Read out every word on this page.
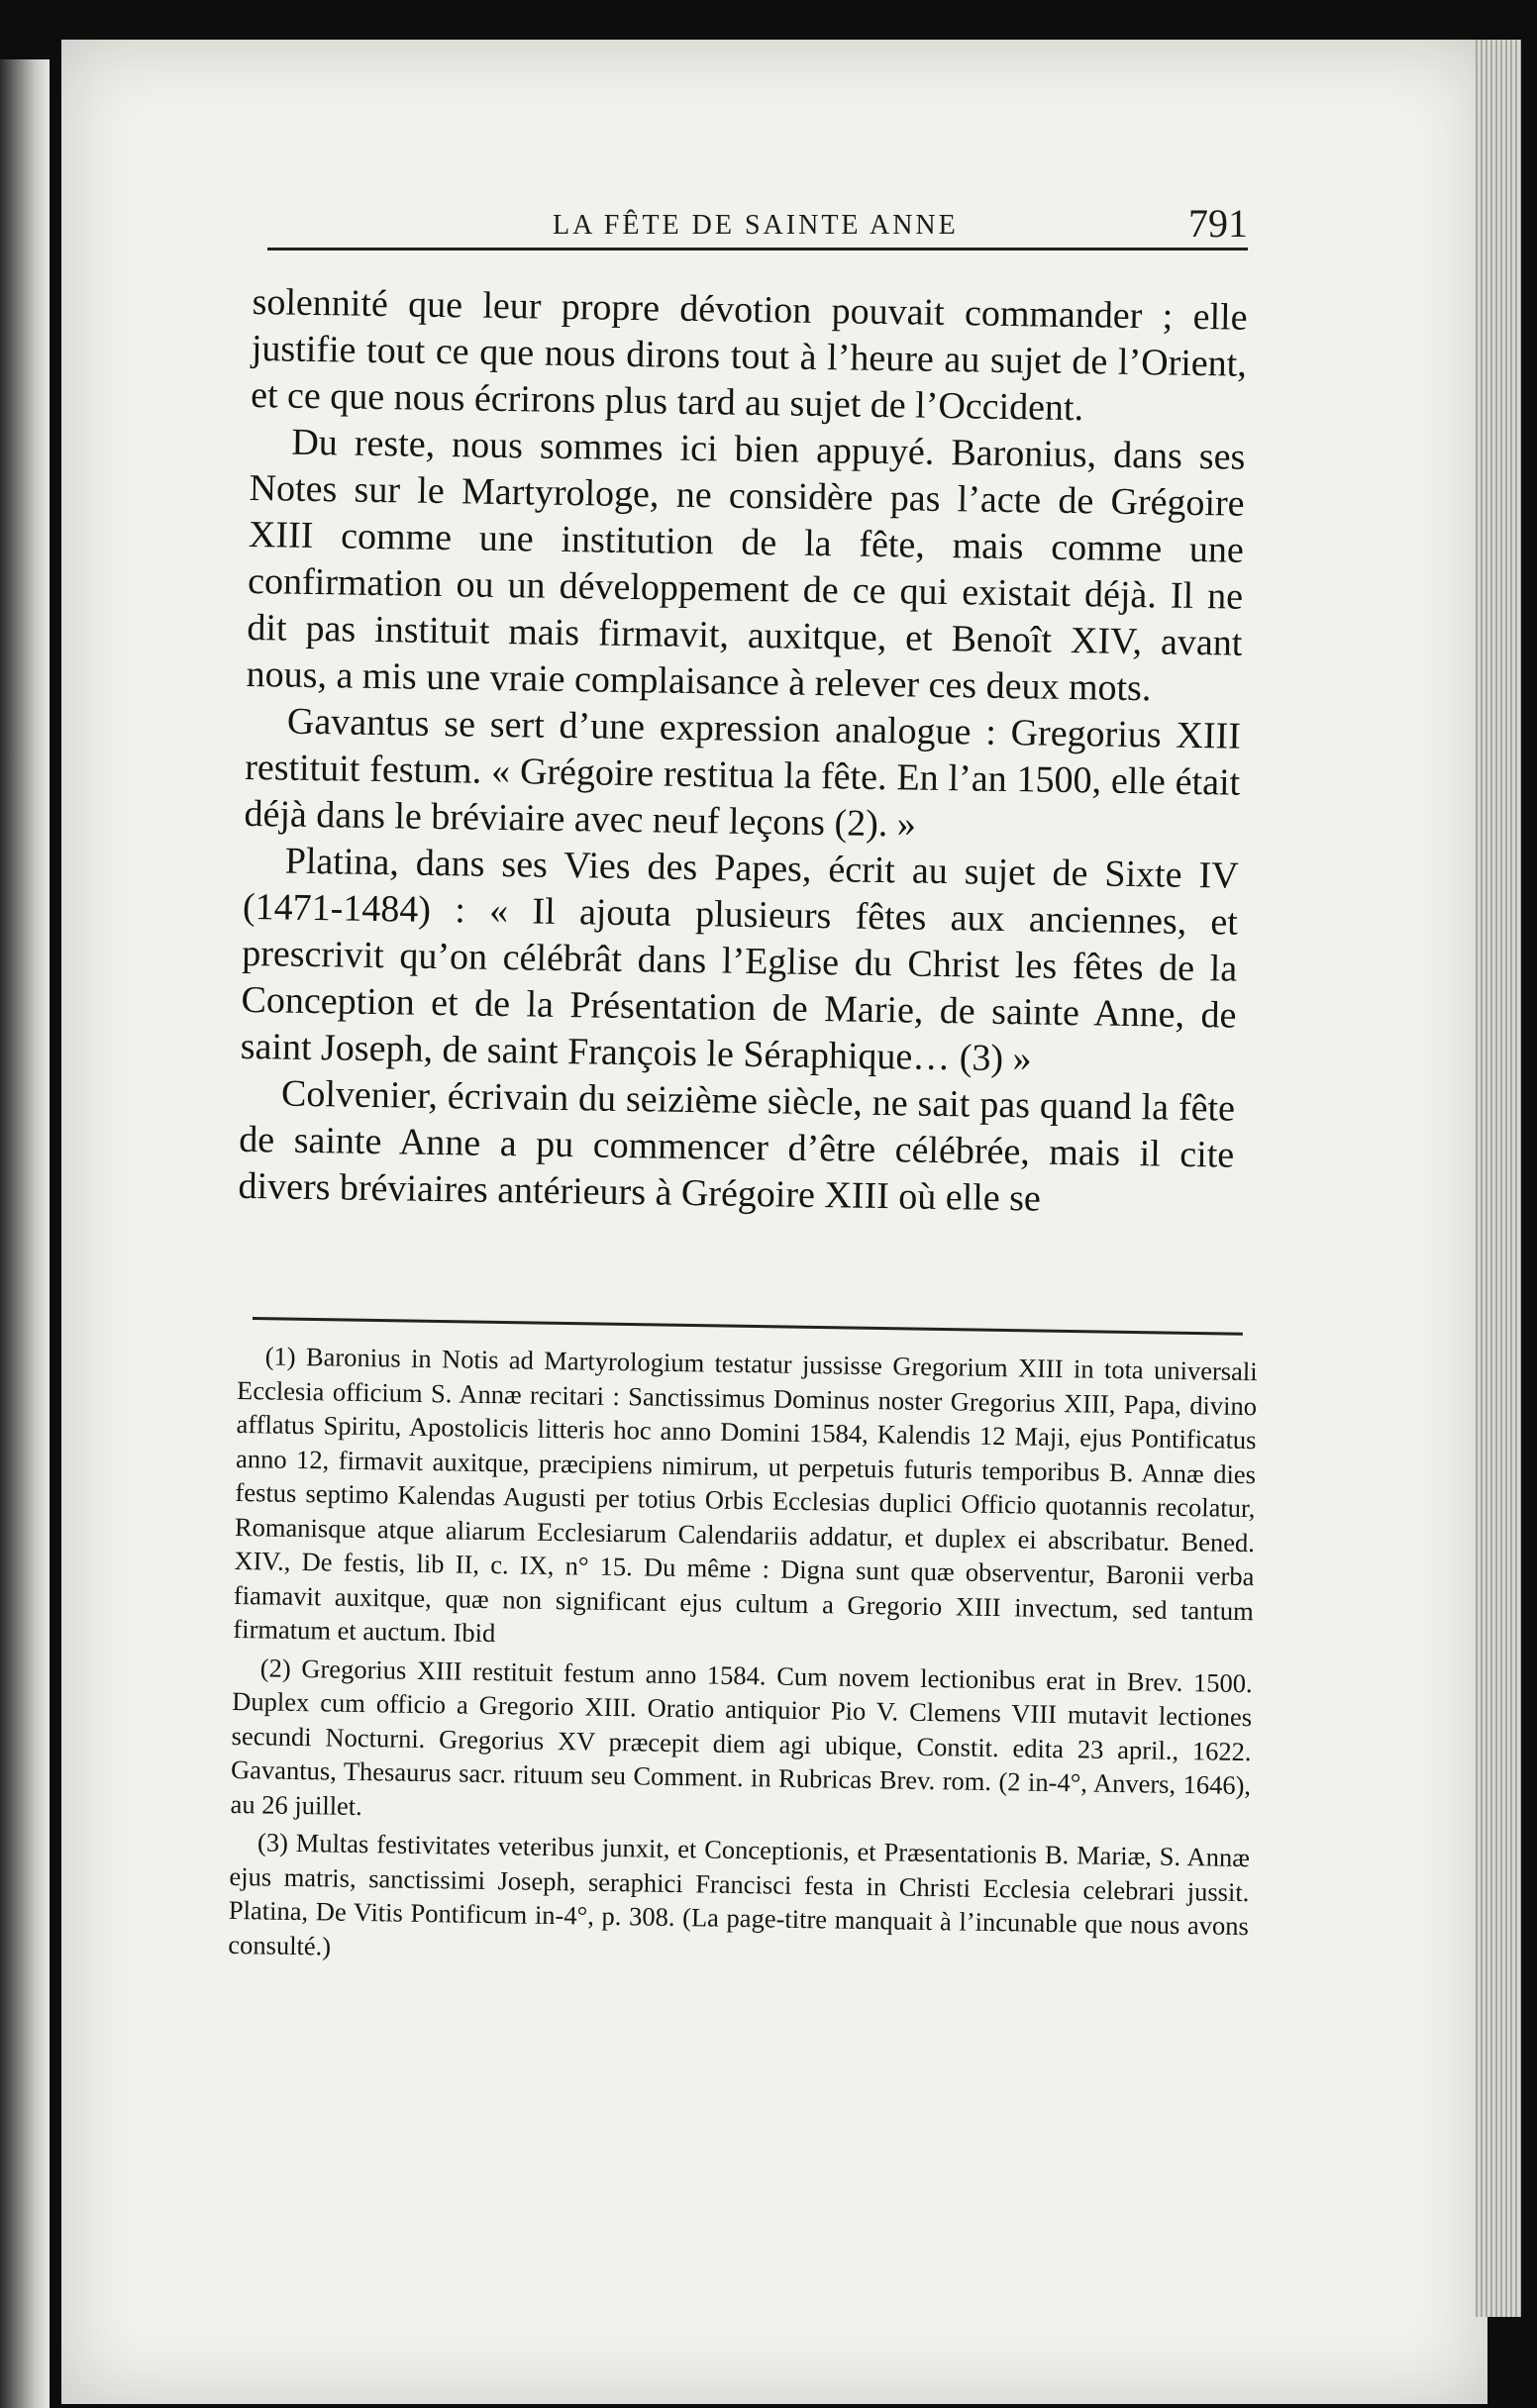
LA FÊTE DE SAINTE ANNE	791

solennité que leur propre dévotion pouvait commander ; elle justifie tout ce que nous dirons tout à l’heure au sujet de l’Orient, et ce que nous écrirons plus tard au sujet de l’Occident.

Du reste, nous sommes ici bien appuyé. Baronius, dans ses Notes sur le Martyrologe, ne considère pas l’acte de Grégoire XIII comme une institution de la fête, mais comme une confirmation ou un développement de ce qui existait déjà. Il ne dit pas instituit mais firmavit, auxitque, et Benoît XIV, avant nous, a mis une vraie complaisance à relever ces deux mots.

Gavantus se sert d’une expression analogue : Gregorius XIII restituit festum. « Grégoire restitua la fête. En l’an 1500, elle était déjà dans le bréviaire avec neuf leçons (2). »

Platina, dans ses Vies des Papes, écrit au sujet de Sixte IV (1471-1484) : « Il ajouta plusieurs fêtes aux anciennes, et prescrivit qu’on célébrât dans l’Eglise du Christ les fêtes de la Conception et de la Présentation de Marie, de sainte Anne, de saint Joseph, de saint François le Séraphique… (3) »

Colvenier, écrivain du seizième siècle, ne sait pas quand la fête de sainte Anne a pu commencer d’être célébrée, mais il cite divers bréviaires antérieurs à Grégoire XIII où elle se

(1) Baronius in Notis ad Martyrologium testatur jussisse Gregorium XIII in tota universali Ecclesia officium S. Annæ recitari : Sanctissimus Dominus noster Gregorius XIII, Papa, divino afflatus Spiritu, Apostolicis litteris hoc anno Domini 1584, Kalendis 12 Maji, ejus Pontificatus anno 12, firmavit auxitque, præcipiens nimirum, ut perpetuis futuris temporibus B. Annæ dies festus septimo Kalendas Augusti per totius Orbis Ecclesias duplici Officio quotannis recolatur, Romanisque atque aliarum Ecclesiarum Calendariis addatur, et duplex ei abscribatur. Bened. XIV., De festis, lib II, c. IX, n° 15. Du même : Digna sunt quæ observentur, Baronii verba fiamavit auxitque, quæ non significant ejus cultum a Gregorio XIII invectum, sed tantum firmatum et auctum. Ibid

(2) Gregorius XIII restituit festum anno 1584. Cum novem lectionibus erat in Brev. 1500. Duplex cum officio a Gregorio XIII. Oratio antiquior Pio V. Clemens VIII mutavit lectiones secundi Nocturni. Gregorius XV præcepit diem agi ubique, Constit. edita 23 april., 1622. Gavantus, Thesaurus sacr. rituum seu Comment. in Rubricas Brev. rom. (2 in-4°, Anvers, 1646), au 26 juillet.

(3) Multas festivitates veteribus junxit, et Conceptionis, et Præsentationis B. Mariæ, S. Annæ ejus matris, sanctissimi Joseph, seraphici Francisci festa in Christi Ecclesia celebrari jussit. Platina, De Vitis Pontificum in-4°, p. 308. (La page-titre manquait à l’incunable que nous avons consulté.)
